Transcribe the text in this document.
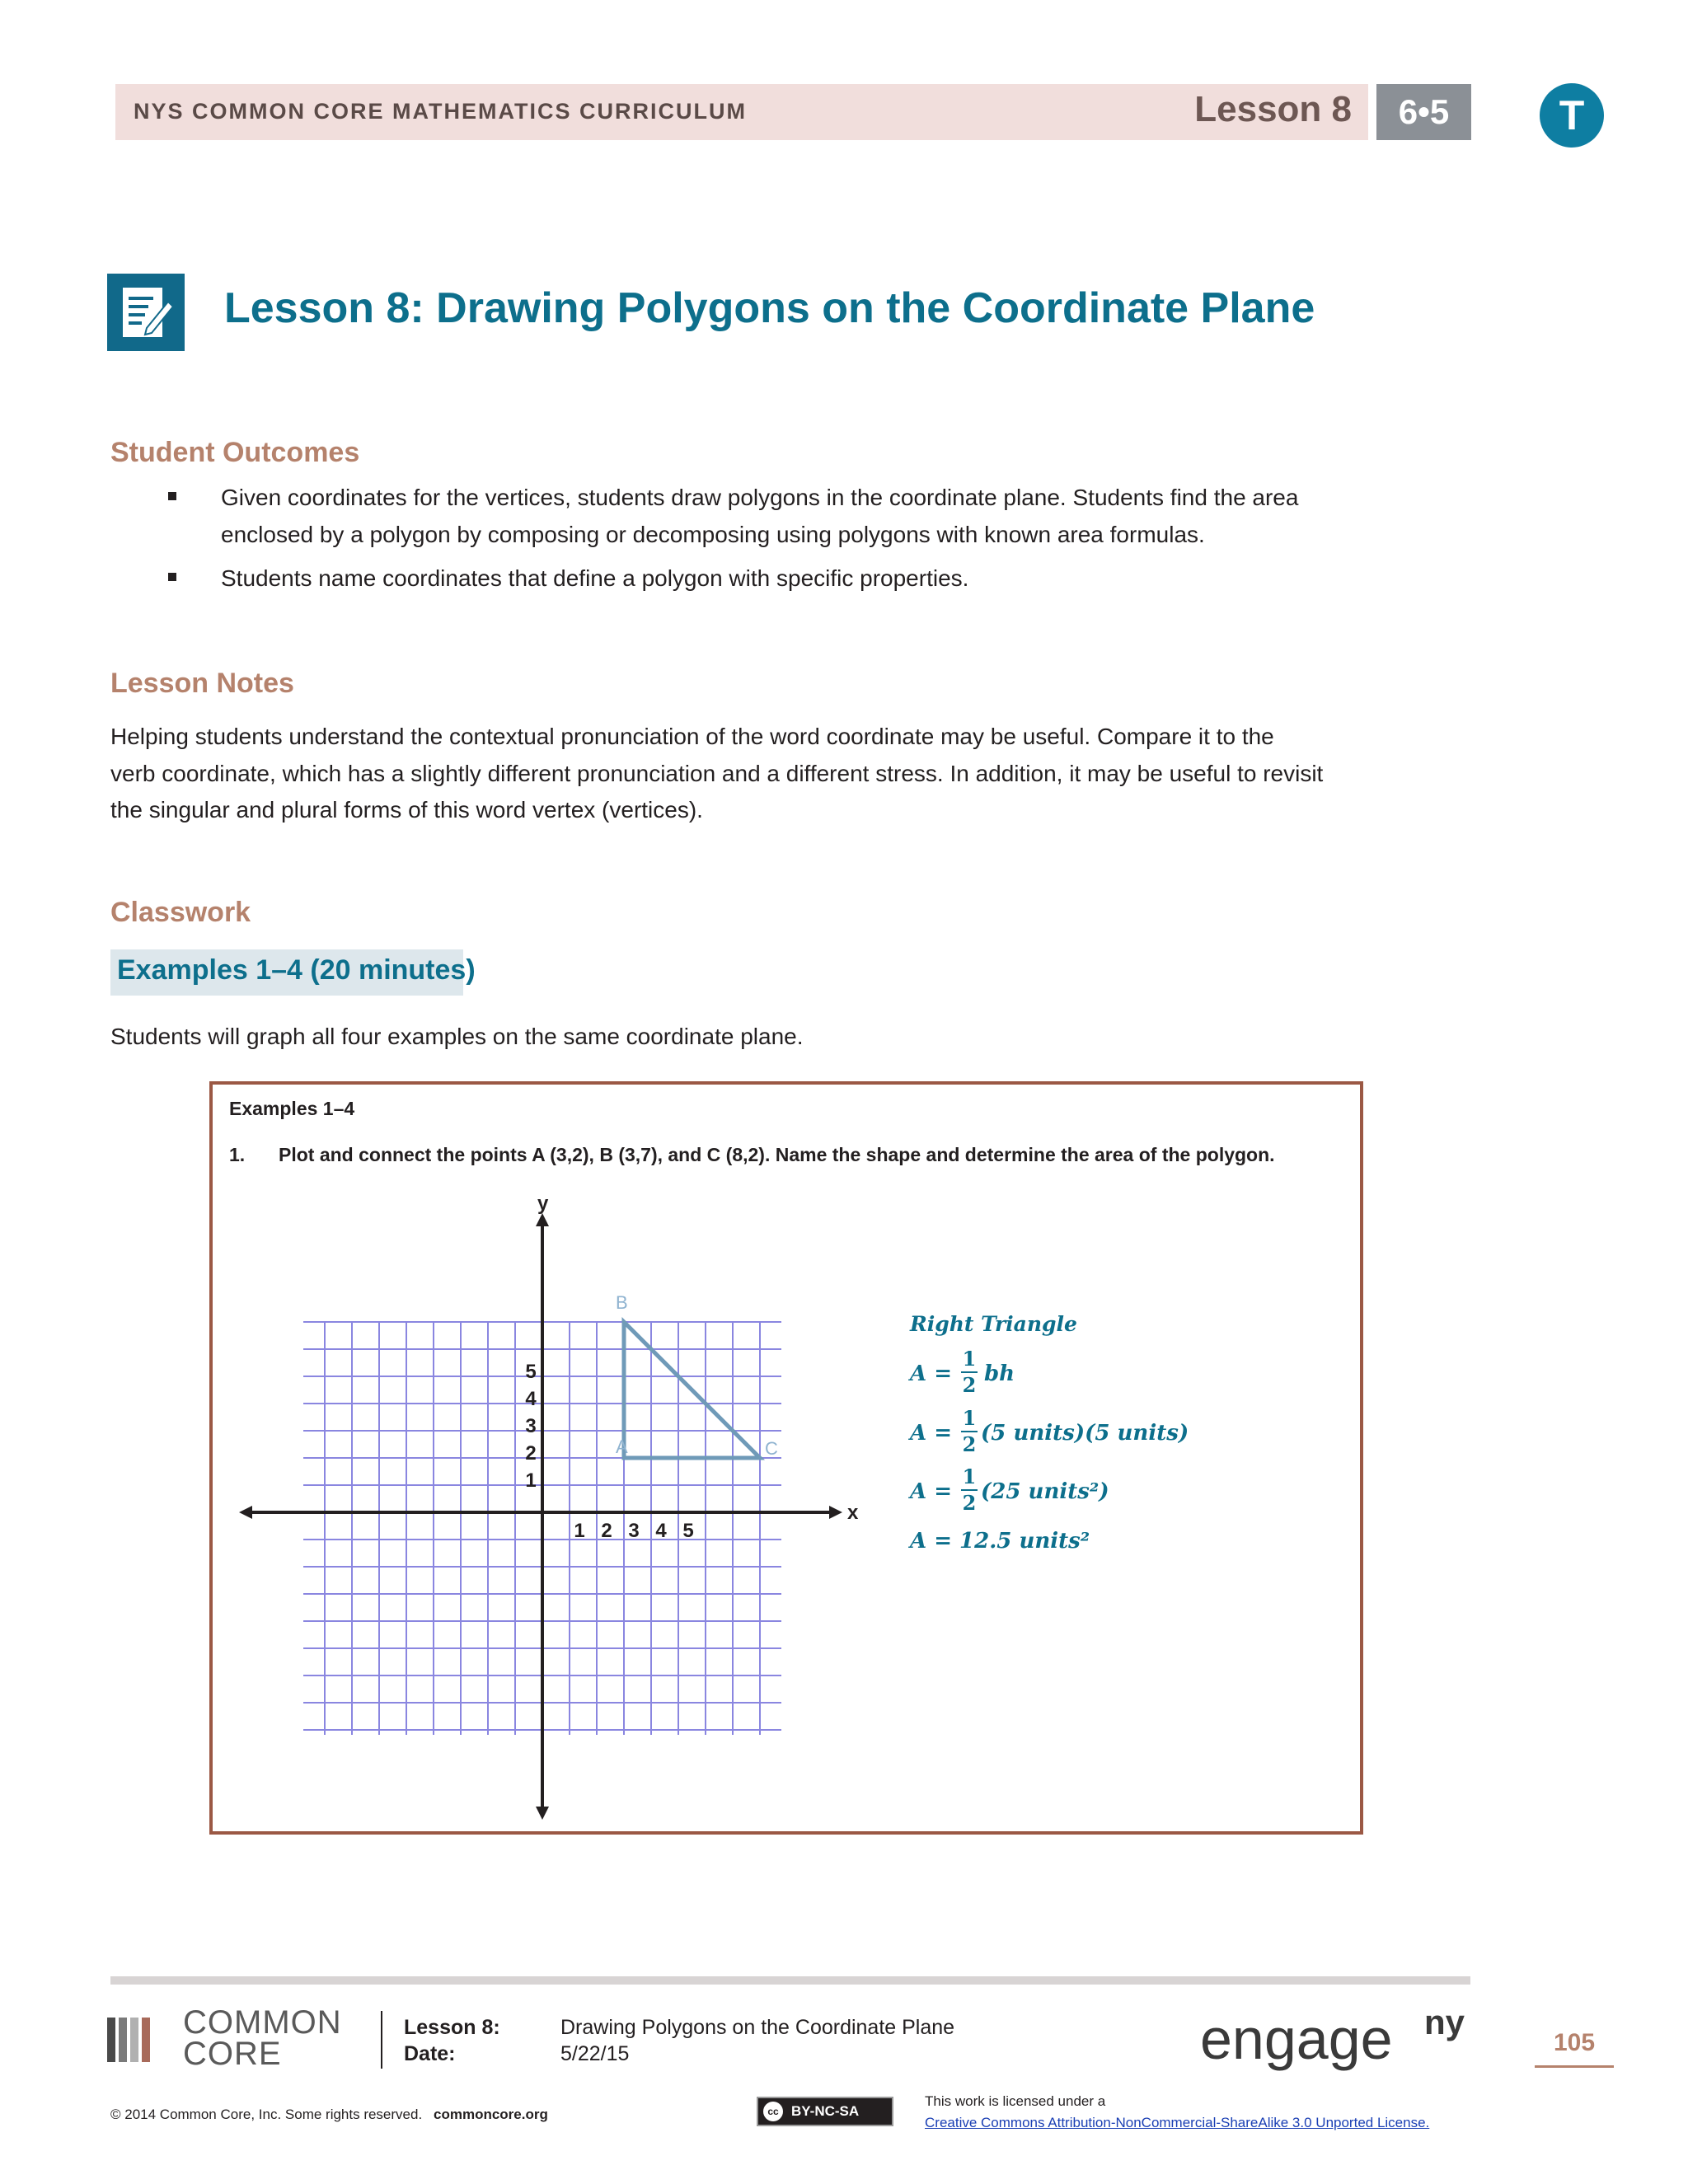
NYS COMMON CORE MATHEMATICS CURRICULUM	Lesson 8	6•5	T
Lesson 8: Drawing Polygons on the Coordinate Plane
Student Outcomes
Given coordinates for the vertices, students draw polygons in the coordinate plane. Students find the area
enclosed by a polygon by composing or decomposing using polygons with known area formulas.
Students name coordinates that define a polygon with specific properties.
Lesson Notes
Helping students understand the contextual pronunciation of the word coordinate may be useful. Compare it to the
verb coordinate, which has a slightly different pronunciation and a different stress. In addition, it may be useful to revisit
the singular and plural forms of this word vertex (vertices).
Classwork
Examples 1–4 (20 minutes)
Students will graph all four examples on the same coordinate plane.
Examples 1–4
1. Plot and connect the points A (3,2), B (3,7), and C (8,2). Name the shape and determine the area of the polygon.
x
y
1 2 3 4 5
1
2
3
4
5
A
B
C
Right Triangle
A =
1
2 bh
A =
1
2 (5 units)(5 units)
A =
1
2 (25 units²)
A = 12.5 units²
COMMON
CORE
Lesson 8:	Drawing Polygons on the Coordinate Plane
Date:	5/22/15	engage ny
105
© 2014 Common Core, Inc. Some rights reserved. commoncore.org	cc BY-NC-SA
This work is licensed under a
Creative Commons Attribution-NonCommercial-ShareAlike 3.0 Unported License.
